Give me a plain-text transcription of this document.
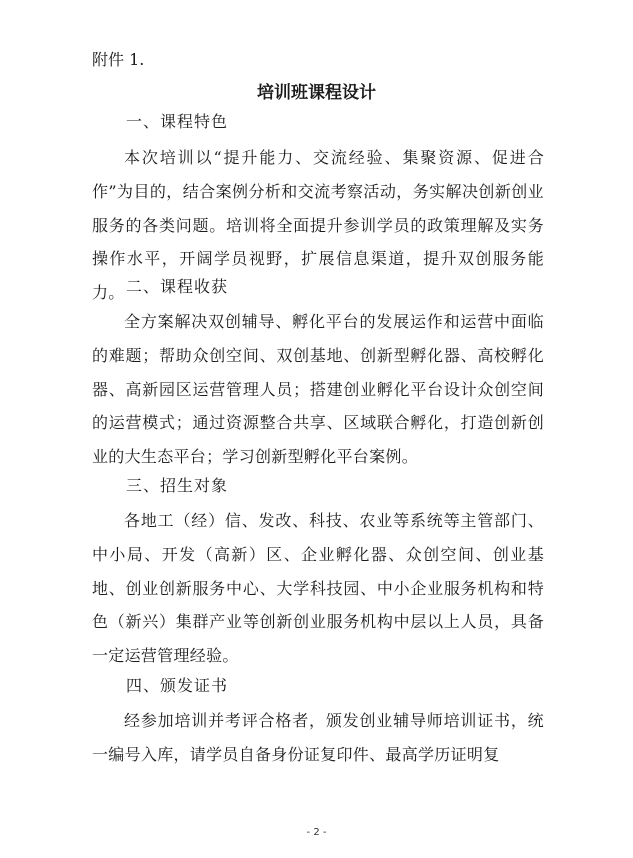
附件 1.
培训班课程设计
一、课程特色

本次培训以“提升能力、交流经验、集聚资源、促进合作”为目的，结合案例分析和交流考察活动，务实解决创新创业服务的各类问题。培训将全面提升参训学员的政策理解及实务操作水平，开阔学员视野，扩展信息渠道，提升双创服务能力。 二、课程收获

全方案解决双创辅导、孵化平台的发展运作和运营中面临的难题；帮助众创空间、双创基地、创新型孵化器、高校孵化器、高新园区运营管理人员；搭建创业孵化平台设计众创空间的运营模式；通过资源整合共享、区域联合孵化，打造创新创业的大生态平台；学习创新型孵化平台案例。

三、招生对象

各地工（经）信、发改、科技、农业等系统等主管部门、中小局、开发（高新）区、企业孵化器、众创空间、创业基地、创业创新服务中心、大学科技园、中小企业服务机构和特色（新兴）集群产业等创新创业服务机构中层以上人员，具备一定运营管理经验。

四、颁发证书

经参加培训并考评合格者，颁发创业辅导师培训证书，统一编号入库，请学员自备身份证复印件、最高学历证明复

- 2 -
